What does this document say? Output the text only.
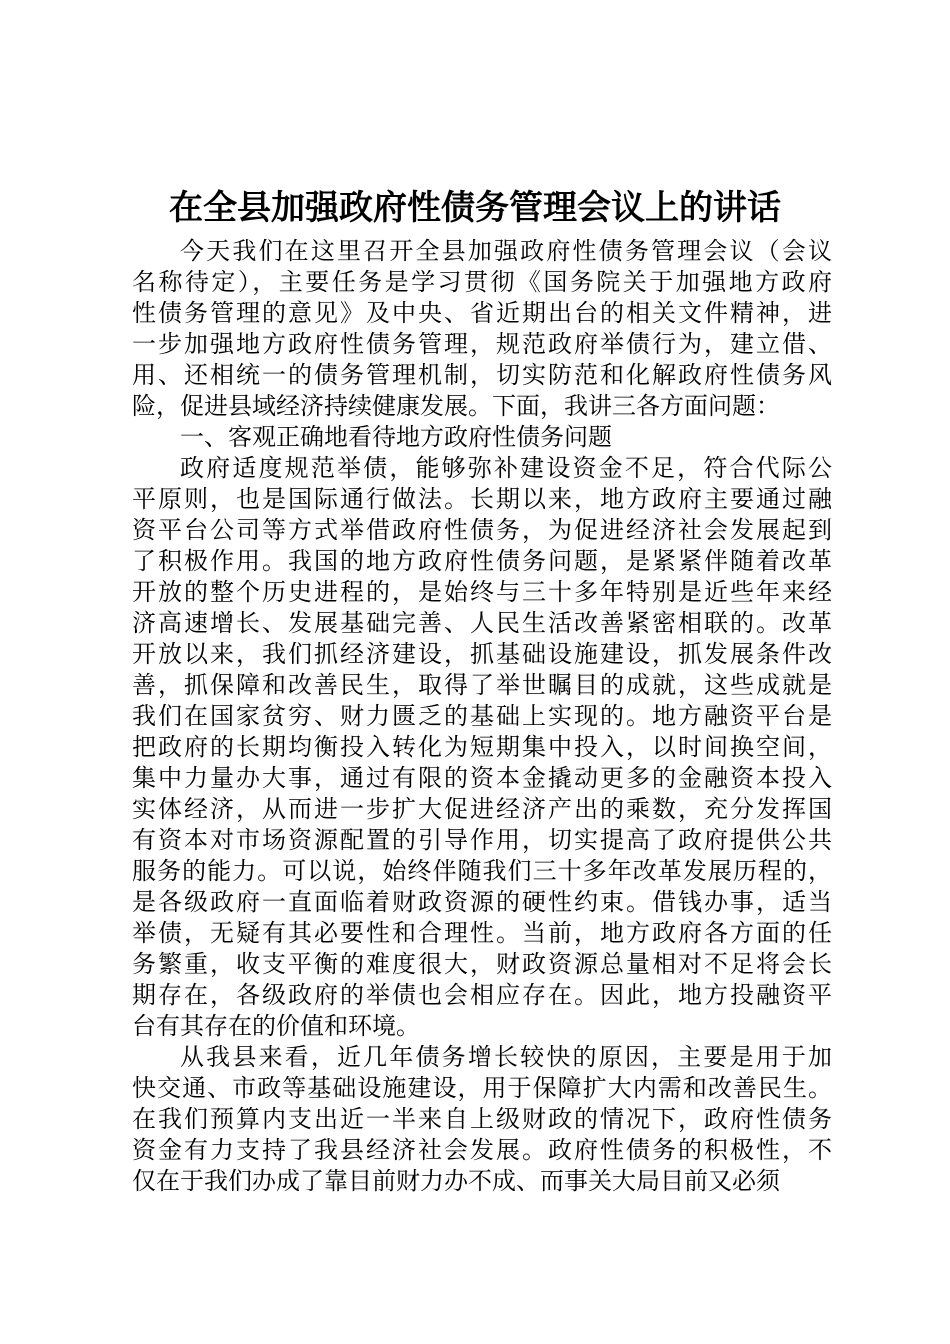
在全县加强政府性债务管理会议上的讲话
今天我们在这里召开全县加强政府性债务管理会议（会议
名称待定），主要任务是学习贯彻《国务院关于加强地方政府
性债务管理的意见》及中央、省近期出台的相关文件精神，进
一步加强地方政府性债务管理，规范政府举债行为，建立借、
用、还相统一的债务管理机制，切实防范和化解政府性债务风
险，促进县域经济持续健康发展。下面，我讲三各方面问题：
一、客观正确地看待地方政府性债务问题
政府适度规范举债，能够弥补建设资金不足，符合代际公
平原则，也是国际通行做法。长期以来，地方政府主要通过融
资平台公司等方式举借政府性债务，为促进经济社会发展起到
了积极作用。我国的地方政府性债务问题，是紧紧伴随着改革
开放的整个历史进程的，是始终与三十多年特别是近些年来经
济高速增长、发展基础完善、人民生活改善紧密相联的。改革
开放以来，我们抓经济建设，抓基础设施建设，抓发展条件改
善，抓保障和改善民生，取得了举世瞩目的成就，这些成就是
我们在国家贫穷、财力匮乏的基础上实现的。地方融资平台是
把政府的长期均衡投入转化为短期集中投入，以时间换空间，
集中力量办大事，通过有限的资本金撬动更多的金融资本投入
实体经济，从而进一步扩大促进经济产出的乘数，充分发挥国
有资本对市场资源配置的引导作用，切实提高了政府提供公共
服务的能力。可以说，始终伴随我们三十多年改革发展历程的，
是各级政府一直面临着财政资源的硬性约束。借钱办事，适当
举债，无疑有其必要性和合理性。当前，地方政府各方面的任
务繁重，收支平衡的难度很大，财政资源总量相对不足将会长
期存在，各级政府的举债也会相应存在。因此，地方投融资平
台有其存在的价值和环境。
从我县来看，近几年债务增长较快的原因，主要是用于加
快交通、市政等基础设施建设，用于保障扩大内需和改善民生。
在我们预算内支出近一半来自上级财政的情况下，政府性债务
资金有力支持了我县经济社会发展。政府性债务的积极性，不
仅在于我们办成了靠目前财力办不成、而事关大局目前又必须
